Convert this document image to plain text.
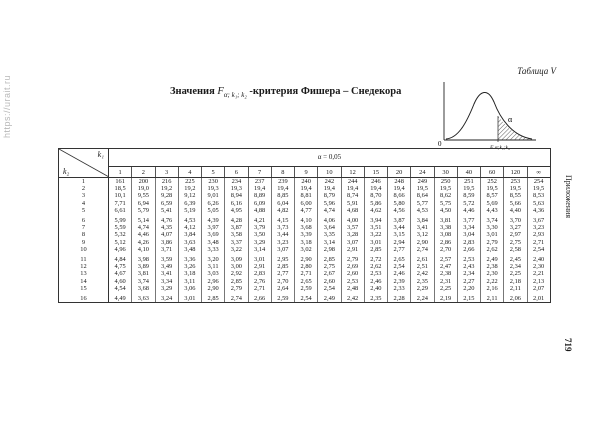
https://urait.ru
Таблица V
Значения $F_{\alpha; k_1; k_2}$ -критерия Фишера – Снедекора
α
0	F α;k₁;k₂
Приложения
719
k₁
k₂	α = 0,05																		
	1	2	3	4	5	6	7	8	9	10	12	15	20	24	30	40	60	120	∞
1	161	200	216	225	230	234	237	239	240	242	244	246	248	249	250	251	252	253	254
2	18,5	19,0	19,2	19,2	19,3	19,3	19,4	19,4	19,4	19,4	19,4	19,4	19,4	19,5	19,5	19,5	19,5	19,5	19,5
3	10,1	9,55	9,28	9,12	9,01	8,94	8,89	8,85	8,81	8,79	8,74	8,70	8,66	8,64	8,62	8,59	8,57	8,55	8,53
4	7,71	6,94	6,59	6,39	6,26	6,16	6,09	6,04	6,00	5,96	5,91	5,86	5,80	5,77	5,75	5,72	5,69	5,66	5,63
5	6,61	5,79	5,41	5,19	5,05	4,95	4,88	4,82	4,77	4,74	4,68	4,62	4,56	4,53	4,50	4,46	4,43	4,40	4,36
6	5,99	5,14	4,76	4,53	4,39	4,28	4,21	4,15	4,10	4,06	4,00	3,94	3,87	3,84	3,81	3,77	3,74	3,70	3,67
7	5,59	4,74	4,35	4,12	3,97	3,87	3,79	3,73	3,68	3,64	3,57	3,51	3,44	3,41	3,38	3,34	3,30	3,27	3,23
8	5,32	4,46	4,07	3,84	3,69	3,58	3,50	3,44	3,39	3,35	3,28	3,22	3,15	3,12	3,08	3,04	3,01	2,97	2,93
9	5,12	4,26	3,86	3,63	3,48	3,37	3,29	3,23	3,18	3,14	3,07	3,01	2,94	2,90	2,86	2,83	2,79	2,75	2,71
10	4,96	4,10	3,71	3,48	3,33	3,22	3,14	3,07	3,02	2,98	2,91	2,85	2,77	2,74	2,70	2,66	2,62	2,58	2,54
11	4,84	3,98	3,59	3,36	3,20	3,09	3,01	2,95	2,90	2,85	2,79	2,72	2,65	2,61	2,57	2,53	2,49	2,45	2,40
12	4,75	3,89	3,49	3,26	3,11	3,00	2,91	2,85	2,80	2,75	2,69	2,62	2,54	2,51	2,47	2,43	2,38	2,34	2,30
13	4,67	3,81	3,41	3,18	3,03	2,92	2,83	2,77	2,71	2,67	2,60	2,53	2,46	2,42	2,38	2,34	2,30	2,25	2,21
14	4,60	3,74	3,34	3,11	2,96	2,85	2,76	2,70	2,65	2,60	2,53	2,46	2,39	2,35	2,31	2,27	2,22	2,18	2,13
15	4,54	3,68	3,29	3,06	2,90	2,79	2,71	2,64	2,59	2,54	2,48	2,40	2,33	2,29	2,25	2,20	2,16	2,11	2,07
16	4,49	3,63	3,24	3,01	2,85	2,74	2,66	2,59	2,54	2,49	2,42	2,35	2,28	2,24	2,19	2,15	2,11	2,06	2,01
